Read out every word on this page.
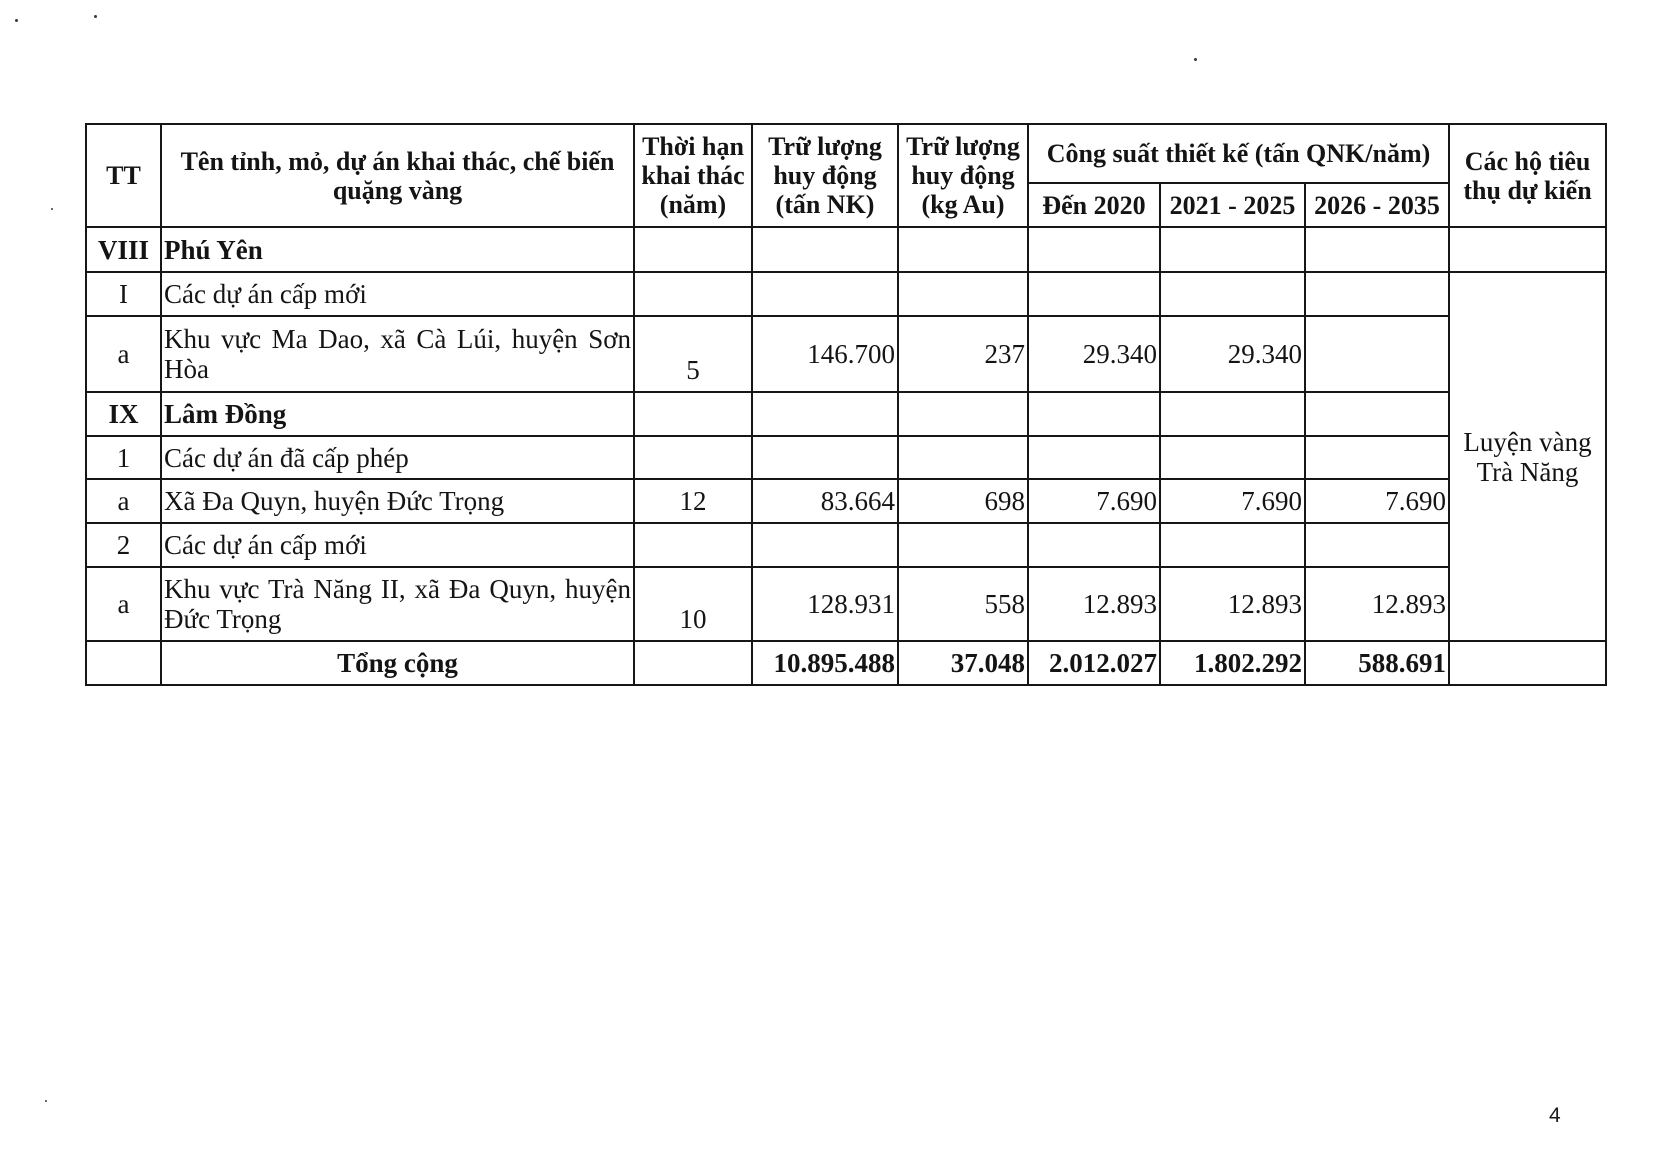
TT	Tên tỉnh, mỏ, dự án khai thác, chế biến quặng vàng	Thời hạn khai thác (năm)	Trữ lượng huy động (tấn NK)	Trữ lượng huy động (kg Au)	Công suất thiết kế (tấn QNK/năm)			Các hộ tiêu thụ dự kiến
					Đến 2020	2021 - 2025	2026 - 2035	
VIII	Phú Yên							
I	Các dự án cấp mới							Luyện vàng Trà Năng
a	Khu vực Ma Dao, xã Cà Lúi, huyện Sơn Hòa	5	146.700	237	29.340	29.340		
IX	Lâm Đồng							
1	Các dự án đã cấp phép							
a	Xã Đa Quyn, huyện Đức Trọng	12	83.664	698	7.690	7.690	7.690	
2	Các dự án cấp mới							
a	Khu vực Trà Năng II, xã Đa Quyn, huyện Đức Trọng	10	128.931	558	12.893	12.893	12.893	
	Tổng cộng		10.895.488	37.048	2.012.027	1.802.292	588.691	
4
